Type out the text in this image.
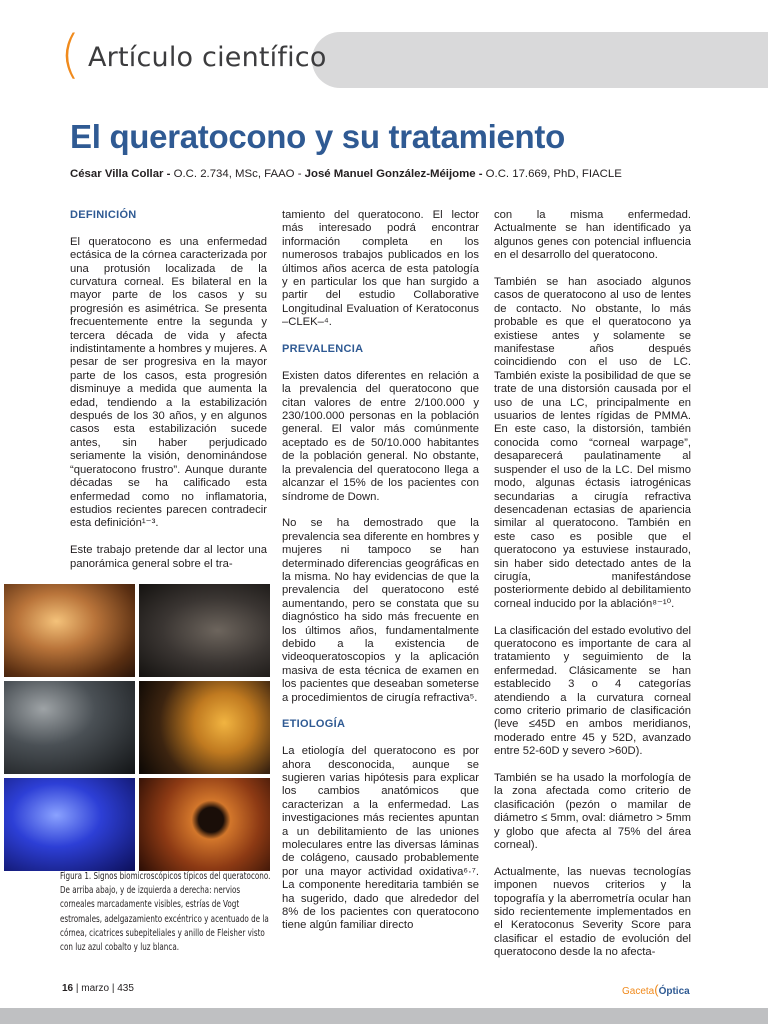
( Artículo científico
El queratocono y su tratamiento
César Villa Collar - O.C. 2.734, MSc, FAAO - José Manuel González-Méijome - O.C. 17.669, PhD, FIACLE
DEFINICIÓN

El queratocono es una enfermedad ectásica de la córnea caracterizada por una protusión localizada de la curvatura corneal. Es bilateral en la mayor parte de los casos y su progresión es asimétrica. Se presenta frecuentemente entre la segunda y tercera década de vida y afecta indistintamente a hombres y mujeres. A pesar de ser progresiva en la mayor parte de los casos, esta progresión disminuye a medida que aumenta la edad, tendiendo a la estabilización después de los 30 años, y en algunos casos esta estabilización sucede antes, sin haber perjudicado seriamente la visión, denominándose “queratocono frustro”. Aunque durante décadas se ha calificado esta enfermedad como no inflamatoria, estudios recientes parecen contradecir esta definición¹⁻³.

Este trabajo pretende dar al lector una panorámica general sobre el tra-

tamiento del queratocono. El lector más interesado podrá encontrar información completa en los numerosos trabajos publicados en los últimos años acerca de esta patología y en particular los que han surgido a partir del estudio Collaborative Longitudinal Evaluation of Keratoconus –CLEK–⁴.

PREVALENCIA

Existen datos diferentes en relación a la prevalencia del queratocono que citan valores de entre 2/100.000 y 230/100.000 personas en la población general. El valor más comúnmente aceptado es de 50/10.000 habitantes de la población general. No obstante, la prevalencia del queratocono llega a alcanzar el 15% de los pacientes con síndrome de Down.

No se ha demostrado que la prevalencia sea diferente en hombres y mujeres ni tampoco se han determinado diferencias geográficas en la misma. No hay evidencias de que la prevalencia del queratocono esté aumentando, pero se constata que su diagnóstico ha sido más frecuente en los últimos años, fundamentalmente debido a la existencia de videoqueratoscopios y la aplicación masiva de esta técnica de examen en los pacientes que deseaban someterse a procedimientos de cirugía refractiva⁵.

ETIOLOGÍA

La etiología del queratocono es por ahora desconocida, aunque se sugieren varias hipótesis para explicar los cambios anatómicos que caracterizan a la enfermedad. Las investigaciones más recientes apuntan a un debilitamiento de las uniones moleculares entre las diversas láminas de colágeno, causado probablemente por una mayor actividad oxidativa⁶·⁷. La componente hereditaria también se ha sugerido, dado que alrededor del 8% de los pacientes con queratocono tiene algún familiar directo

con la misma enfermedad. Actualmente se han identificado ya algunos genes con potencial influencia en el desarrollo del queratocono.

También se han asociado algunos casos de queratocono al uso de lentes de contacto. No obstante, lo más probable es que el queratocono ya existiese antes y solamente se manifestase años después coincidiendo con el uso de LC. También existe la posibilidad de que se trate de una distorsión causada por el uso de una LC, principalmente en usuarios de lentes rígidas de PMMA. En este caso, la distorsión, también conocida como “corneal warpage”, desaparecerá paulatinamente al suspender el uso de la LC. Del mismo modo, algunas éctasis iatrogénicas secundarias a cirugía refractiva desencadenan ectasias de apariencia similar al queratocono. También en este caso es posible que el queratocono ya estuviese instaurado, sin haber sido detectado antes de la cirugía, manifestándose posteriormente debido al debilitamiento corneal inducido por la ablación⁸⁻¹⁰.

La clasificación del estado evolutivo del queratocono es importante de cara al tratamiento y seguimiento de la enfermedad. Clásicamente se han establecido 3 o 4 categorías atendiendo a la curvatura corneal como criterio primario de clasificación (leve ≤45D en ambos meridianos, moderado entre 45 y 52D, avanzado entre 52-60D y severo >60D).

También se ha usado la morfología de la zona afectada como criterio de clasificación (pezón o mamilar de diámetro ≤ 5mm, oval: diámetro > 5mm y globo que afecta al 75% del área corneal).

Actualmente, las nuevas tecnologías imponen nuevos criterios y la topografía y la aberrometría ocular han sido recientemente implementados en el Keratoconus Severity Score para clasificar el estadio de evolución del queratocono desde la no afecta-

Figura 1. Signos biomicroscópicos típicos del queratocono. De arriba abajo, y de izquierda a derecha: nervios corneales marcadamente visibles, estrías de Vogt estromales, adelgazamiento excéntrico y acentuado de la córnea, cicatrices subepiteliales y anillo de Fleisher visto con luz azul cobalto y luz blanca.
16 | marzo | 435	Gaceta(Óptica
